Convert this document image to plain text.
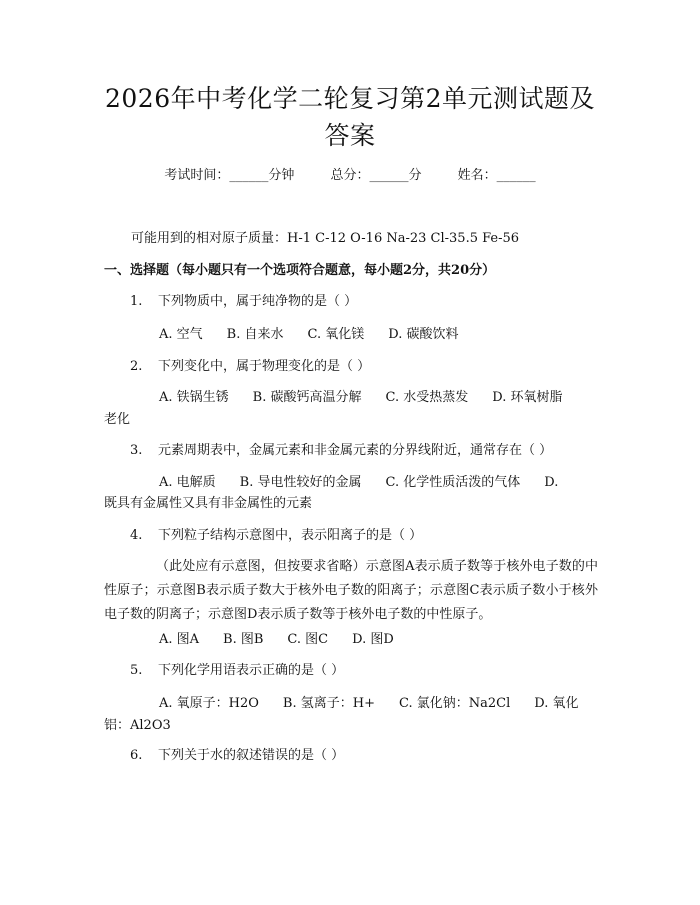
2026年中考化学二轮复习第2单元测试题及
答案
考试时间：______分钟	总分：______分	姓名：______
可能用到的相对原子质量：H-1 C-12 O-16 Na-23 Cl-35.5 Fe-56
一、选择题（每小题只有一个选项符合题意，每小题2分，共20分）
1. 下列物质中，属于纯净物的是（ ）
A. 空气 B. 自来水 C. 氧化镁 D. 碳酸饮料
2. 下列变化中，属于物理变化的是（ ）
A. 铁锅生锈 B. 碳酸钙高温分解 C. 水受热蒸发 D. 环氧树脂
老化
3. 元素周期表中，金属元素和非金属元素的分界线附近，通常存在（ ）
A. 电解质 B. 导电性较好的金属 C. 化学性质活泼的气体 D.
既具有金属性又具有非金属性的元素
4. 下列粒子结构示意图中，表示阳离子的是（ ）
（此处应有示意图，但按要求省略）示意图A表示质子数等于核外电子数的中性原子；示意图B表示质子数大于核外电子数的阳离子；示意图C表示质子数小于核外电子数的阴离子；示意图D表示质子数等于核外电子数的中性原子。
A. 图A B. 图B C. 图C D. 图D
5. 下列化学用语表示正确的是（ ）
A. 氧原子：H2O B. 氢离子：H+ C. 氯化钠：Na2Cl D. 氧化
铝：Al2O3
6. 下列关于水的叙述错误的是（ ）
